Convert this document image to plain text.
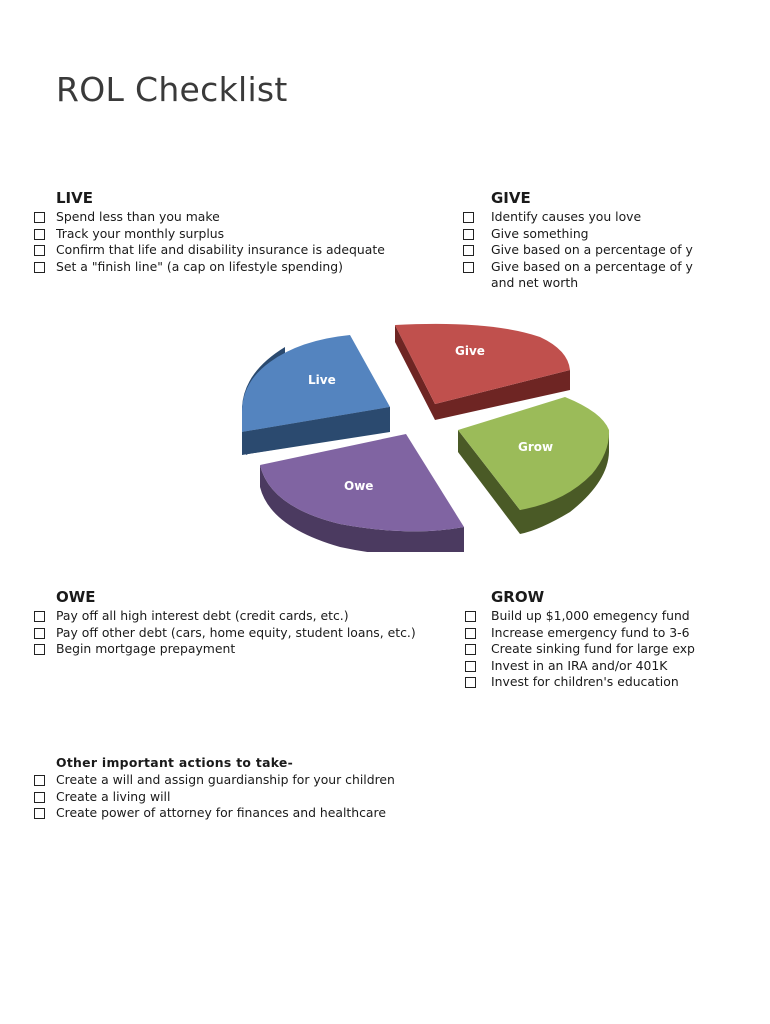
ROL Checklist
LIVE
Spend less than you make
Track your monthly surplus
Confirm that life and disability insurance is adequate
Set a "finish line" (a cap on lifestyle spending)
GIVE
Identify causes you love
Give something
Give based on a percentage of y
Give based on a percentage of y
and net worth
Live
Give
Grow
Owe
OWE
Pay off all high interest debt (credit cards, etc.)
Pay off other debt (cars, home equity, student loans, etc.)
Begin mortgage prepayment
GROW
Build up $1,000 emegency fund
Increase emergency fund to 3-6
Create sinking fund for large exp
Invest in an IRA and/or 401K
Invest for children's education
Other important actions to take-
Create a will and assign guardianship for your children
Create a living will
Create power of attorney for finances and healthcare
